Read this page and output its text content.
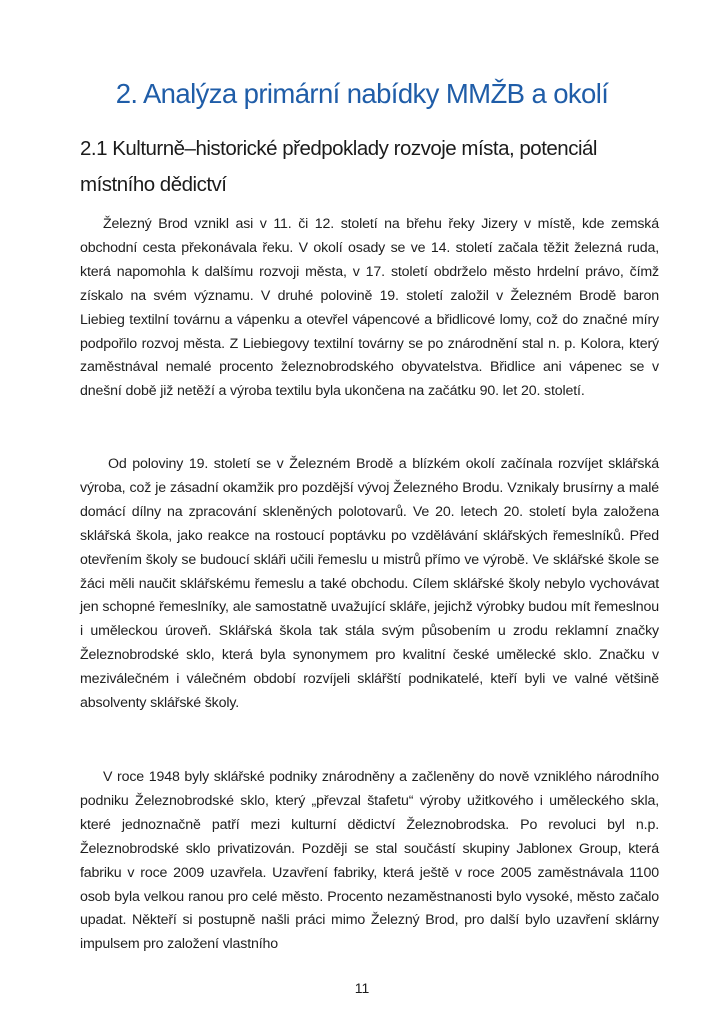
2. Analýza primární nabídky MMŽB a okolí
2.1 Kulturně–historické předpoklady rozvoje místa, potenciál místního dědictví

Železný Brod vznikl asi v 11. či 12. století na břehu řeky Jizery v místě, kde zemská obchodní cesta překonávala řeku. V okolí osady se ve 14. století začala těžit železná ruda, která napomohla k dalšímu rozvoji města, v 17. století obdrželo město hrdelní právo, čímž získalo na svém významu. V druhé polovině 19. století založil v Železném Brodě baron Liebieg textilní továrnu a vápenku a otevřel vápencové a břidlicové lomy, což do značné míry podpořilo rozvoj města. Z Liebiegovy textilní továrny se po znárodnění stal n. p. Kolora, který zaměstnával nemalé procento železnobrodského obyvatelstva. Břidlice ani vápenec se v dnešní době již netěží a výroba textilu byla ukončena na začátku 90. let 20. století.

Od poloviny 19. století se v Železném Brodě a blízkém okolí začínala rozvíjet sklářská výroba, což je zásadní okamžik pro pozdější vývoj Železného Brodu. Vznikaly brusírny a malé domácí dílny na zpracování skleněných polotovarů. Ve 20. letech 20. století byla založena sklářská škola, jako reakce na rostoucí poptávku po vzdělávání sklářských řemeslníků. Před otevřením školy se budoucí skláři učili řemeslu u mistrů přímo ve výrobě. Ve sklářské škole se žáci měli naučit sklářskému řemeslu a také obchodu. Cílem sklářské školy nebylo vychovávat jen schopné řemeslníky, ale samostatně uvažující skláře, jejichž výrobky budou mít řemeslnou i uměleckou úroveň. Sklářská škola tak stála svým působením u zrodu reklamní značky Železnobrodské sklo, která byla synonymem pro kvalitní české umělecké sklo. Značku v meziválečném i válečném období rozvíjeli sklářští podnikatelé, kteří byli ve valné většině absolventy sklářské školy.

V roce 1948 byly sklářské podniky znárodněny a začleněny do nově vzniklého národního podniku Železnobrodské sklo, který „převzal štafetu“ výroby užitkového i uměleckého skla, které jednoznačně patří mezi kulturní dědictví Železnobrodska. Po revoluci byl n.p. Železnobrodské sklo privatizován. Později se stal součástí skupiny Jablonex Group, která fabriku v roce 2009 uzavřela. Uzavření fabriky, která ještě v roce 2005 zaměstnávala 1100 osob byla velkou ranou pro celé město. Procento nezaměstnanosti bylo vysoké, město začalo upadat. Někteří si postupně našli práci mimo Železný Brod, pro další bylo uzavření sklárny impulsem pro založení vlastního

11
